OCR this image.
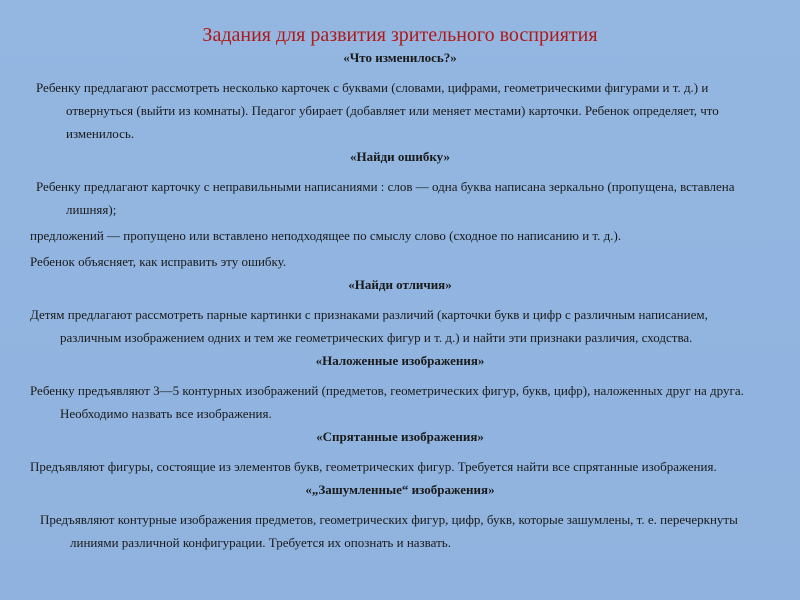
Задания для развития зрительного восприятия
«Что изменилось?»
Ребенку предлагают рассмотреть несколько карточек с буквами (словами, цифрами, геометрическими фигурами и т. д.) и отвернуться (выйти из комнаты). Педагог убирает (добавляет или меняет местами) карточки. Ребенок определяет, что изменилось.
«Найди ошибку»
Ребенку предлагают карточку с неправильными написаниями : слов — одна буква написана зеркально (пропущена, вставлена лишняя);
предложений — пропущено или вставлено неподходящее по смыслу слово (сходное по написанию и т. д.).
Ребенок объясняет, как исправить эту ошибку.
«Найди отличия»
Детям предлагают рассмотреть парные картинки с признаками различий (карточки букв и цифр с различным написанием, различным изображением одних и тем же геометрических фигур и т. д.) и найти эти признаки различия, сходства.
«Наложенные изображения»
Ребенку предъявляют 3—5 контурных изображений (предметов, геометрических фигур, букв, цифр), наложенных друг на друга. Необходимо назвать все изображения.
«Спрятанные изображения»
Предъявляют фигуры, состоящие из элементов букв, геометрических фигур. Требуется найти все спрятанные изображения.
«„Зашумленные“ изображения»
Предъявляют контурные изображения предметов, геометрических фигур, цифр, букв, которые зашумлены, т. е. перечеркнуты линиями различной конфигурации. Требуется их опознать и назвать.
